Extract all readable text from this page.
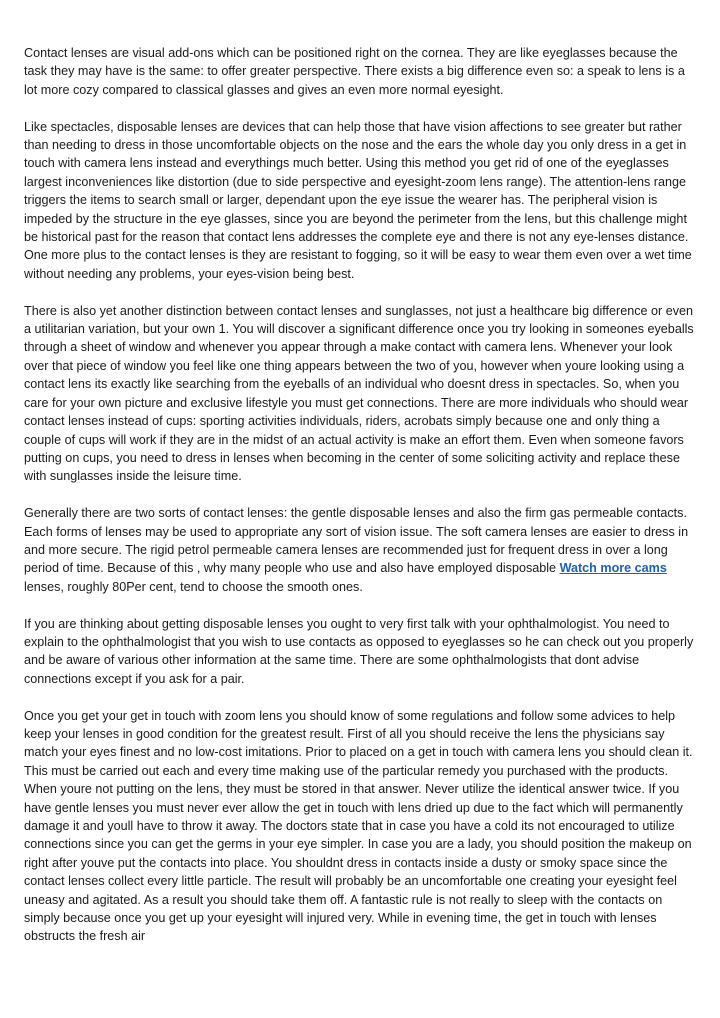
Contact lenses are visual add-ons which can be positioned right on the cornea. They are like eyeglasses because the task they may have is the same: to offer greater perspective. There exists a big difference even so: a speak to lens is a lot more cozy compared to classical glasses and gives an even more normal eyesight.

Like spectacles, disposable lenses are devices that can help those that have vision affections to see greater but rather than needing to dress in those uncomfortable objects on the nose and the ears the whole day you only dress in a get in touch with camera lens instead and everythings much better. Using this method you get rid of one of the eyeglasses largest inconveniences like distortion (due to side perspective and eyesight-zoom lens range). The attention-lens range triggers the items to search small or larger, dependant upon the eye issue the wearer has. The peripheral vision is impeded by the structure in the eye glasses, since you are beyond the perimeter from the lens, but this challenge might be historical past for the reason that contact lens addresses the complete eye and there is not any eye-lenses distance. One more plus to the contact lenses is they are resistant to fogging, so it will be easy to wear them even over a wet time without needing any problems, your eyes-vision being best.

There is also yet another distinction between contact lenses and sunglasses, not just a healthcare big difference or even a utilitarian variation, but your own 1. You will discover a significant difference once you try looking in someones eyeballs through a sheet of window and whenever you appear through a make contact with camera lens. Whenever your look over that piece of window you feel like one thing appears between the two of you, however when youre looking using a contact lens its exactly like searching from the eyeballs of an individual who doesnt dress in spectacles. So, when you care for your own picture and exclusive lifestyle you must get connections. There are more individuals who should wear contact lenses instead of cups: sporting activities individuals, riders, acrobats simply because one and only thing a couple of cups will work if they are in the midst of an actual activity is make an effort them. Even when someone favors putting on cups, you need to dress in lenses when becoming in the center of some soliciting activity and replace these with sunglasses inside the leisure time.

Generally there are two sorts of contact lenses: the gentle disposable lenses and also the firm gas permeable contacts. Each forms of lenses may be used to appropriate any sort of vision issue. The soft camera lenses are easier to dress in and more secure. The rigid petrol permeable camera lenses are recommended just for frequent dress in over a long period of time. Because of this , why many people who use and also have employed disposable Watch more cams lenses, roughly 80Per cent, tend to choose the smooth ones.

If you are thinking about getting disposable lenses you ought to very first talk with your ophthalmologist. You need to explain to the ophthalmologist that you wish to use contacts as opposed to eyeglasses so he can check out you properly and be aware of various other information at the same time. There are some ophthalmologists that dont advise connections except if you ask for a pair.

Once you get your get in touch with zoom lens you should know of some regulations and follow some advices to help keep your lenses in good condition for the greatest result. First of all you should receive the lens the physicians say match your eyes finest and no low-cost imitations. Prior to placed on a get in touch with camera lens you should clean it. This must be carried out each and every time making use of the particular remedy you purchased with the products. When youre not putting on the lens, they must be stored in that answer. Never utilize the identical answer twice. If you have gentle lenses you must never ever allow the get in touch with lens dried up due to the fact which will permanently damage it and youll have to throw it away. The doctors state that in case you have a cold its not encouraged to utilize connections since you can get the germs in your eye simpler. In case you are a lady, you should position the makeup on right after youve put the contacts into place. You shouldnt dress in contacts inside a dusty or smoky space since the contact lenses collect every little particle. The result will probably be an uncomfortable one creating your eyesight feel uneasy and agitated. As a result you should take them off. A fantastic rule is not really to sleep with the contacts on simply because once you get up your eyesight will injured very. While in evening time, the get in touch with lenses obstructs the fresh air
